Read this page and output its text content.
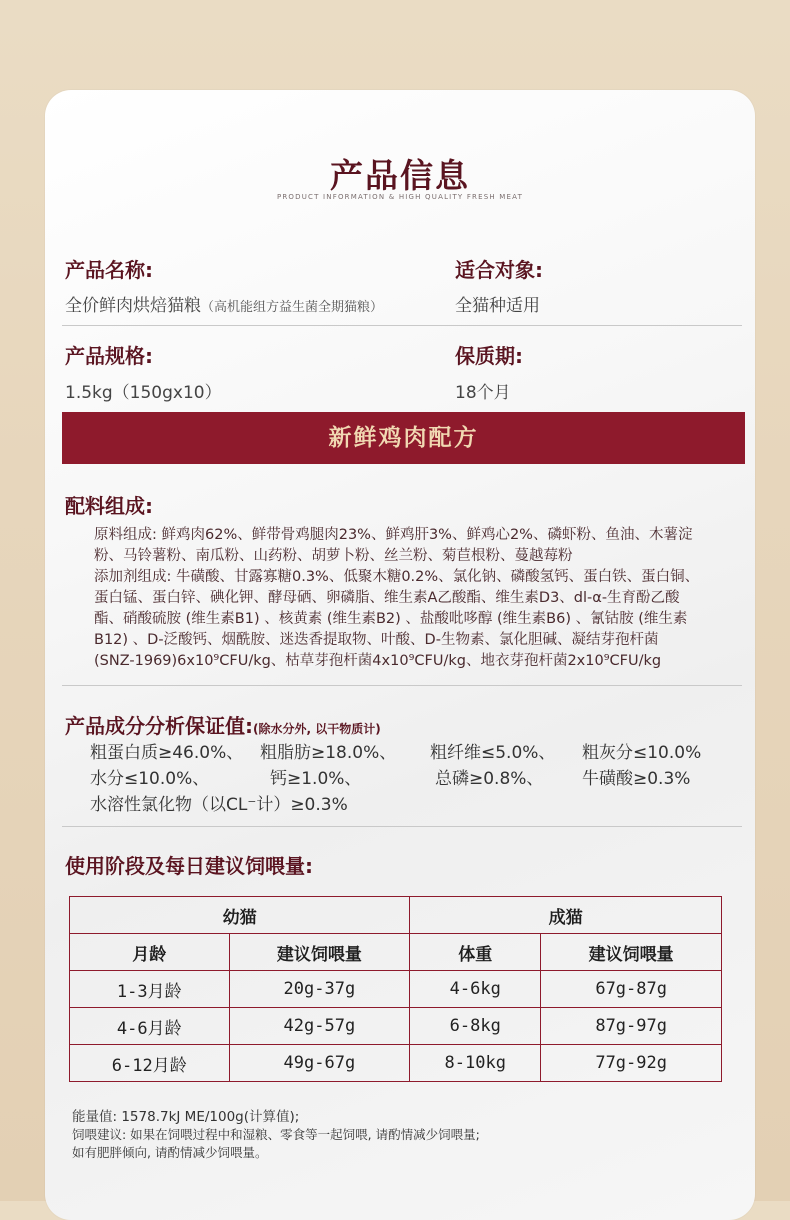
产品信息
PRODUCT INFORMATION & HIGH QUALITY FRESH MEAT
产品名称:
全价鲜肉烘焙猫粮（高机能组方益生菌全期猫粮）
适合对象:
全猫种适用
产品规格:
1.5kg（150gx10）
保质期:
18个月
新鲜鸡肉配方
配料组成:
原料组成: 鲜鸡肉62%、鲜带骨鸡腿肉23%、鲜鸡肝3%、鲜鸡心2%、磷虾粉、鱼油、木薯淀
粉、马铃薯粉、南瓜粉、山药粉、胡萝卜粉、丝兰粉、菊苣根粉、蔓越莓粉
添加剂组成: 牛磺酸、甘露寡糖0.3%、低聚木糖0.2%、氯化钠、磷酸氢钙、蛋白铁、蛋白铜、
蛋白锰、蛋白锌、碘化钾、酵母硒、卵磷脂、维生素A乙酸酯、维生素D3、dl-α-生育酚乙酸
酯、硝酸硫胺 (维生素B1) 、核黄素 (维生素B2) 、盐酸吡哆醇 (维生素B6) 、氰钴胺 (维生素
B12) 、D-泛酸钙、烟酰胺、迷迭香提取物、叶酸、D-生物素、氯化胆碱、凝结芽孢杆菌
(SNZ-1969)6x10⁹CFU/kg、枯草芽孢杆菌4x10⁹CFU/kg、地衣芽孢杆菌2x10⁹CFU/kg
产品成分分析保证值:(除水分外, 以干物质计)
粗蛋白质≥46.0%、 粗脂肪≥18.0%、 粗纤维≤5.0%、 粗灰分≤10.0%
水分≤10.0%、	钙≥1.0%、	总磷≥0.8%、 牛磺酸≥0.3%
水溶性氯化物（以CL⁻计）≥0.3%
使用阶段及每日建议饲喂量:
幼猫		成猫	
月龄	建议饲喂量	体重	建议饲喂量
1-3月龄	20g-37g	4-6kg	67g-87g
4-6月龄	42g-57g	6-8kg	87g-97g
6-12月龄	49g-67g	8-10kg	77g-92g
能量值: 1578.7kJ ME/100g(计算值);
饲喂建议: 如果在饲喂过程中和湿粮、零食等一起饲喂, 请酌情减少饲喂量;
如有肥胖倾向, 请酌情减少饲喂量。
